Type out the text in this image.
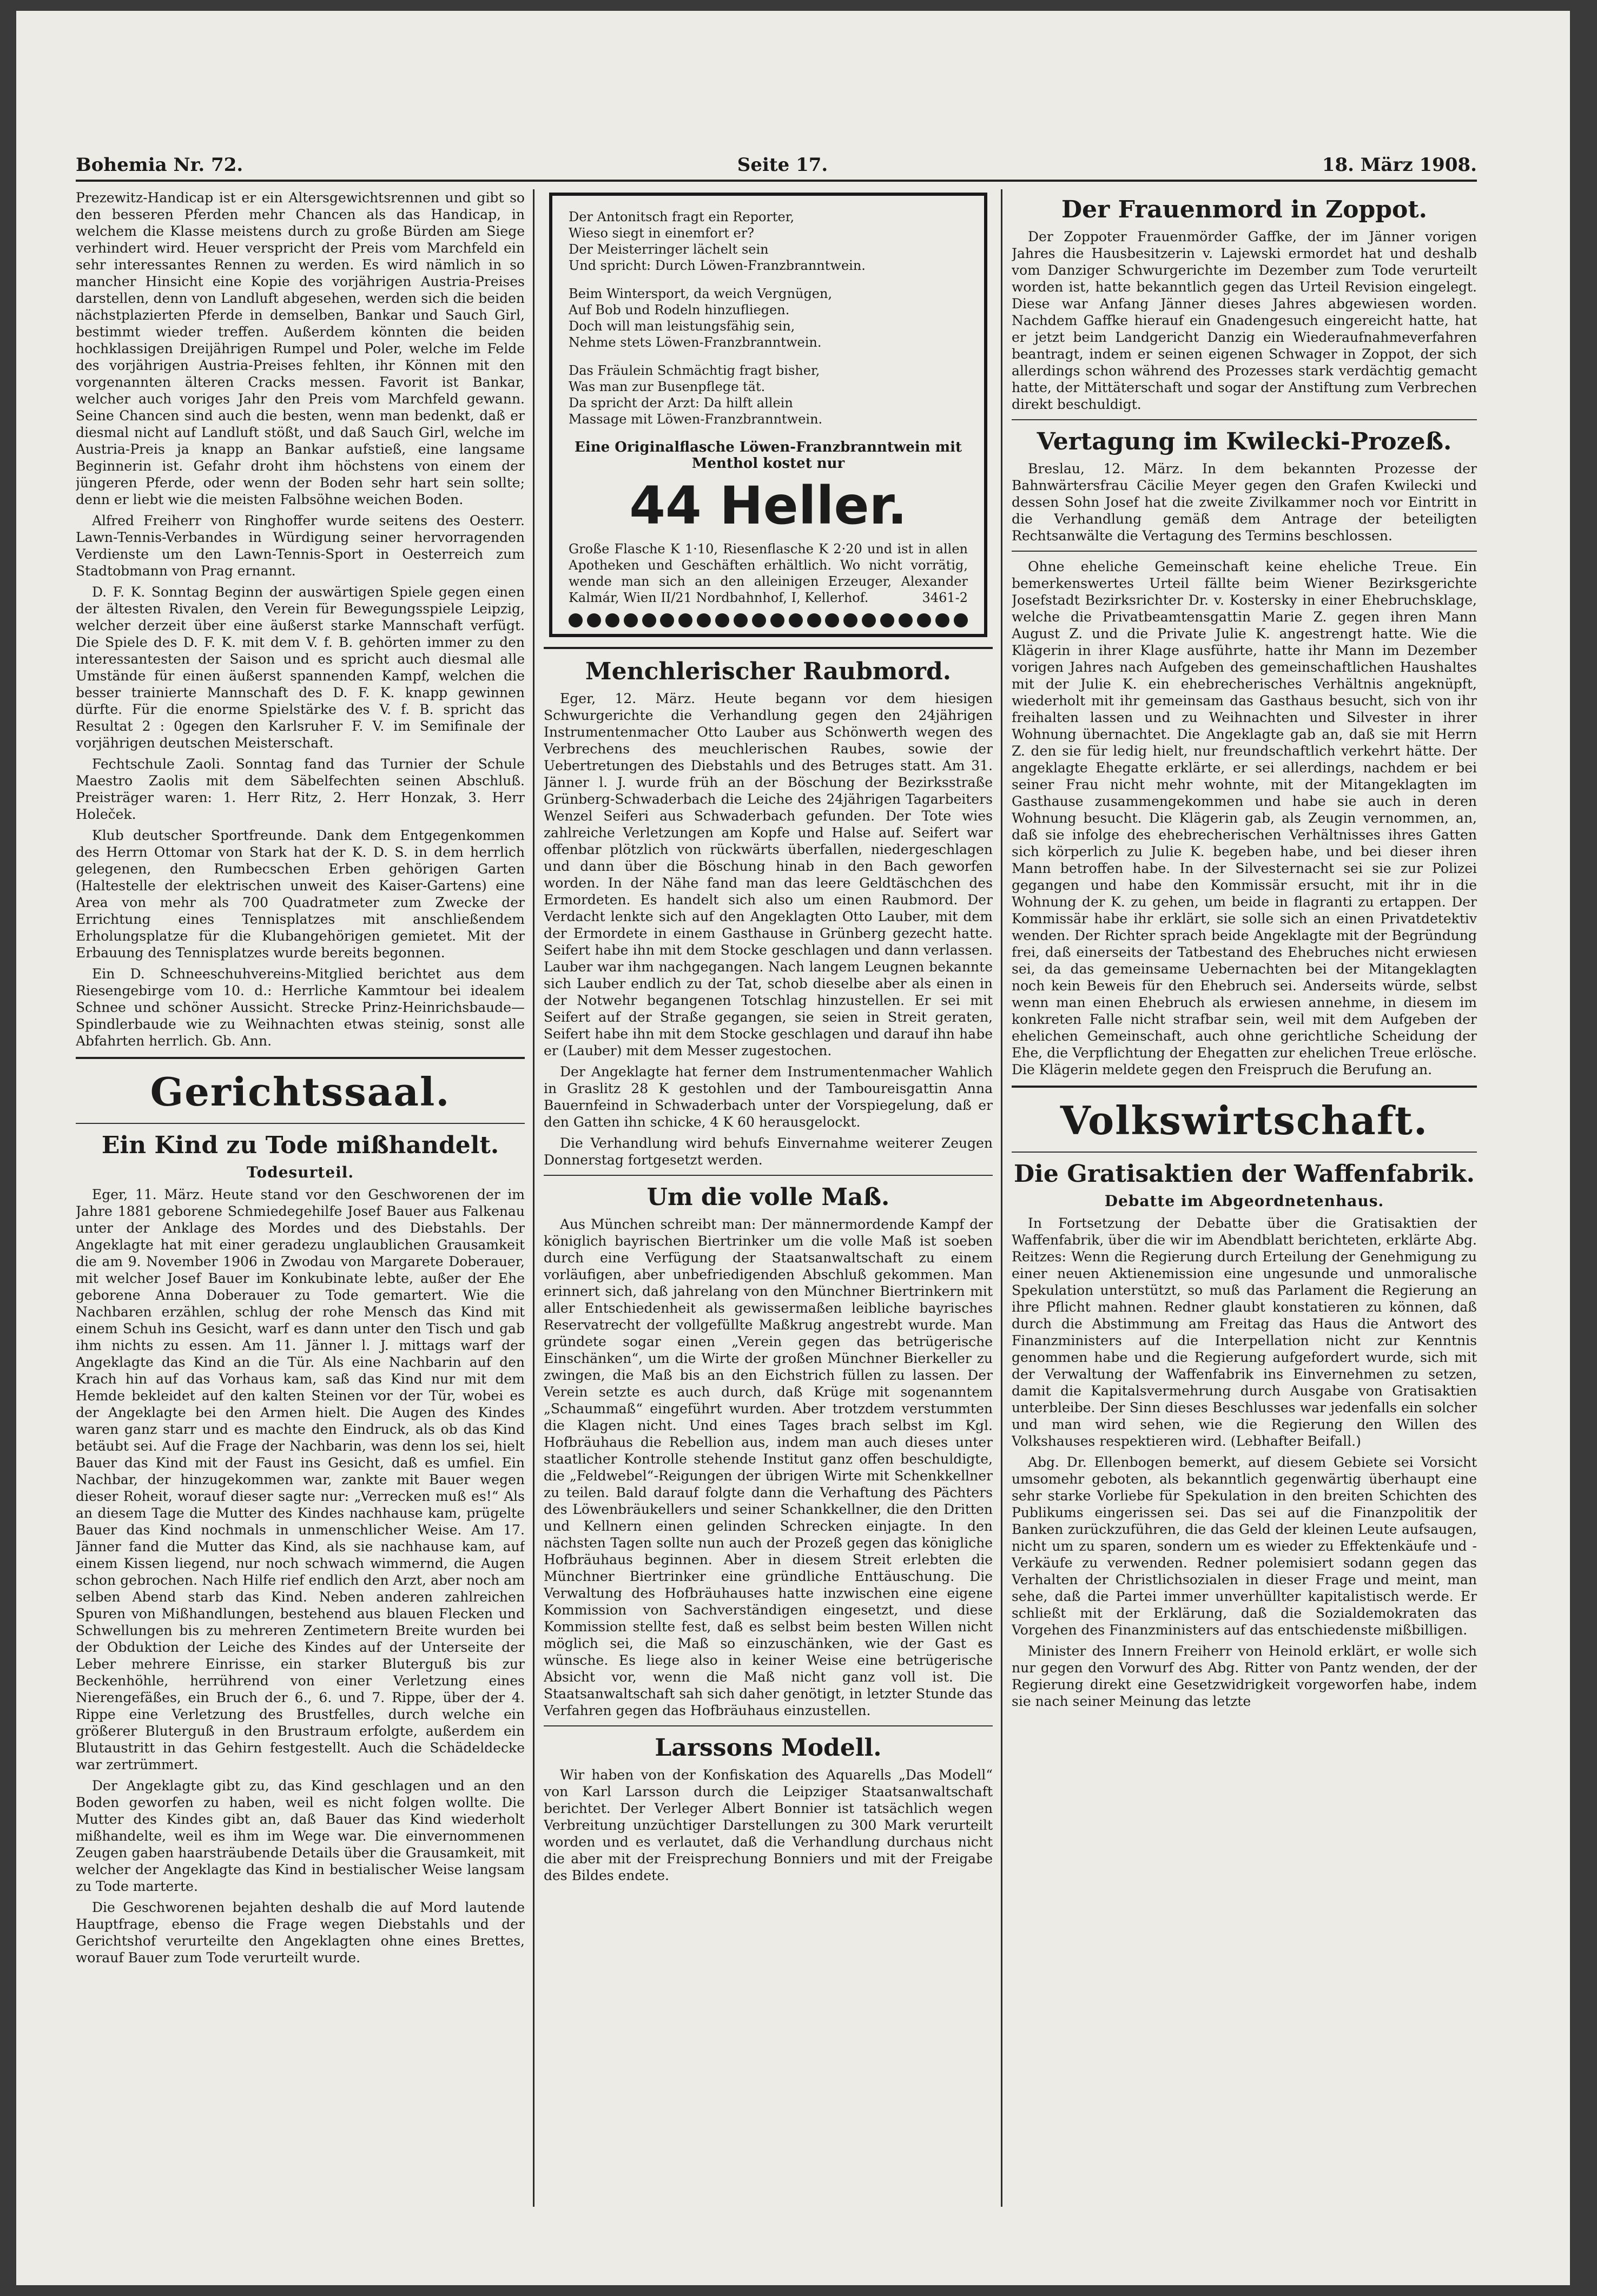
Bohemia Nr. 72.	Seite 17.	18. März 1908.

Prezewitz-Handicap ist er ein Altersgewichtsrennen und gibt so den besseren Pferden mehr Chancen als das Handicap, in welchem die Klasse meistens durch zu große Bürden am Siege verhindert wird. Heuer verspricht der Preis vom Marchfeld ein sehr interessantes Rennen zu werden. Es wird nämlich in so mancher Hinsicht eine Kopie des vorjährigen Austria-Preises darstellen, denn von Landluft abgesehen, werden sich die beiden nächstplazierten Pferde in demselben, Bankar und Sauch Girl, bestimmt wieder treffen. Außerdem könnten die beiden hochklassigen Dreijährigen Rumpel und Poler, welche im Felde des vorjährigen Austria-Preises fehlten, ihr Können mit den vorgenannten älteren Cracks messen. Favorit ist Bankar, welcher auch voriges Jahr den Preis vom Marchfeld gewann. Seine Chancen sind auch die besten, wenn man bedenkt, daß er diesmal nicht auf Landluft stößt, und daß Sauch Girl, welche im Austria-Preis ja knapp an Bankar aufstieß, eine langsame Beginnerin ist. Gefahr droht ihm höchstens von einem der jüngeren Pferde, oder wenn der Boden sehr hart sein sollte; denn er liebt wie die meisten Falbsöhne weichen Boden.

Alfred Freiherr von Ringhoffer wurde seitens des Oesterr. Lawn-Tennis-Verbandes in Würdigung seiner hervorragenden Verdienste um den Lawn-Tennis-Sport in Oesterreich zum Stadtobmann von Prag ernannt.

D. F. K. Sonntag Beginn der auswärtigen Spiele gegen einen der ältesten Rivalen, den Verein für Bewegungsspiele Leipzig, welcher derzeit über eine äußerst starke Mannschaft verfügt. Die Spiele des D. F. K. mit dem V. f. B. gehörten immer zu den interessantesten der Saison und es spricht auch diesmal alle Umstände für einen äußerst spannenden Kampf, welchen die besser trainierte Mannschaft des D. F. K. knapp gewinnen dürfte. Für die enorme Spielstärke des V. f. B. spricht das Resultat 2 : 0gegen den Karlsruher F. V. im Semifinale der vorjährigen deutschen Meisterschaft.

Fechtschule Zaoli. Sonntag fand das Turnier der Schule Maestro Zaolis mit dem Säbelfechten seinen Abschluß. Preisträger waren: 1. Herr Ritz, 2. Herr Honzak, 3. Herr Holeček.

Klub deutscher Sportfreunde. Dank dem Entgegenkommen des Herrn Ottomar von Stark hat der K. D. S. in dem herrlich gelegenen, den Rumbecschen Erben gehörigen Garten (Haltestelle der elektrischen unweit des Kaiser-Gartens) eine Area von mehr als 700 Quadratmeter zum Zwecke der Errichtung eines Tennisplatzes mit anschließendem Erholungsplatze für die Klubangehörigen gemietet. Mit der Erbauung des Tennisplatzes wurde bereits begonnen.

Ein D. Schneeschuhvereins-Mitglied berichtet aus dem Riesengebirge vom 10. d.: Herrliche Kammtour bei idealem Schnee und schöner Aussicht. Strecke Prinz-Heinrichsbaude—Spindlerbaude wie zu Weihnachten etwas steinig, sonst alle Abfahrten herrlich. Gb. Ann.

Gerichtssaal.
Ein Kind zu Tode mißhandelt.
Todesurteil.

Eger, 11. März. Heute stand vor den Geschworenen der im Jahre 1881 geborene Schmiedegehilfe Josef Bauer aus Falkenau unter der Anklage des Mordes und des Diebstahls. Der Angeklagte hat mit einer geradezu unglaublichen Grausamkeit die am 9. November 1906 in Zwodau von Margarete Doberauer, mit welcher Josef Bauer im Konkubinate lebte, außer der Ehe geborene Anna Doberauer zu Tode gemartert. Wie die Nachbaren erzählen, schlug der rohe Mensch das Kind mit einem Schuh ins Gesicht, warf es dann unter den Tisch und gab ihm nichts zu essen. Am 11. Jänner l. J. mittags warf der Angeklagte das Kind an die Tür. Als eine Nachbarin auf den Krach hin auf das Vorhaus kam, saß das Kind nur mit dem Hemde bekleidet auf den kalten Steinen vor der Tür, wobei es der Angeklagte bei den Armen hielt. Die Augen des Kindes waren ganz starr und es machte den Eindruck, als ob das Kind betäubt sei. Auf die Frage der Nachbarin, was denn los sei, hielt Bauer das Kind mit der Faust ins Gesicht, daß es umfiel. Ein Nachbar, der hinzugekommen war, zankte mit Bauer wegen dieser Roheit, worauf dieser sagte nur: „Verrecken muß es!“ Als an diesem Tage die Mutter des Kindes nachhause kam, prügelte Bauer das Kind nochmals in unmenschlicher Weise. Am 17. Jänner fand die Mutter das Kind, als sie nachhause kam, auf einem Kissen liegend, nur noch schwach wimmernd, die Augen schon gebrochen. Nach Hilfe rief endlich den Arzt, aber noch am selben Abend starb das Kind. Neben anderen zahlreichen Spuren von Mißhandlungen, bestehend aus blauen Flecken und Schwellungen bis zu mehreren Zentimetern Breite wurden bei der Obduktion der Leiche des Kindes auf der Unterseite der Leber mehrere Einrisse, ein starker Bluterguß bis zur Beckenhöhle, herrührend von einer Verletzung eines Nierengefäßes, ein Bruch der 6., 6. und 7. Rippe, über der 4. Rippe eine Verletzung des Brustfelles, durch welche ein größerer Bluterguß in den Brustraum erfolgte, außerdem ein Blutaustritt in das Gehirn festgestellt. Auch die Schädeldecke war zertrümmert.

Der Angeklagte gibt zu, das Kind geschlagen und an den Boden geworfen zu haben, weil es nicht folgen wollte. Die Mutter des Kindes gibt an, daß Bauer das Kind wiederholt mißhandelte, weil es ihm im Wege war. Die einvernommenen Zeugen gaben haarsträubende Details über die Grausamkeit, mit welcher der Angeklagte das Kind in bestialischer Weise langsam zu Tode marterte.

Die Geschworenen bejahten deshalb die auf Mord lautende Hauptfrage, ebenso die Frage wegen Diebstahls und der Gerichtshof verurteilte den Angeklagten ohne eines Brettes, worauf Bauer zum Tode verurteilt wurde.

Der Antonitsch fragt ein Reporter,
Wieso siegt in einemfort er?
Der Meisterringer lächelt sein
Und spricht: Durch Löwen-Franzbranntwein.
Beim Wintersport, da weich Vergnügen,
Auf Bob und Rodeln hinzufliegen.
Doch will man leistungsfähig sein,
Nehme stets Löwen-Franzbranntwein.
Das Fräulein Schmächtig fragt bisher,
Was man zur Busenpflege tät.
Da spricht der Arzt: Da hilft allein
Massage mit Löwen-Franzbranntwein.
Eine Originalflasche Löwen-Franzbranntwein mit Menthol kostet nur
44 Heller.
Große Flasche K 1·10, Riesenflasche K 2·20 und ist in allen Apotheken und Geschäften erhältlich. Wo nicht vorrätig, wende man sich an den alleinigen Erzeuger, Alexander Kalmár, Wien II/21 Nordbahnhof, I, Kellerhof.	3461-2
Menchlerischer Raubmord.

Eger, 12. März. Heute begann vor dem hiesigen Schwurgerichte die Verhandlung gegen den 24jährigen Instrumentenmacher Otto Lauber aus Schönwerth wegen des Verbrechens des meuchlerischen Raubes, sowie der Uebertretungen des Diebstahls und des Betruges statt. Am 31. Jänner l. J. wurde früh an der Böschung der Bezirksstraße Grünberg-Schwaderbach die Leiche des 24jährigen Tagarbeiters Wenzel Seiferi aus Schwaderbach gefunden. Der Tote wies zahlreiche Verletzungen am Kopfe und Halse auf. Seifert war offenbar plötzlich von rückwärts überfallen, niedergeschlagen und dann über die Böschung hinab in den Bach geworfen worden. In der Nähe fand man das leere Geldtäschchen des Ermordeten. Es handelt sich also um einen Raubmord. Der Verdacht lenkte sich auf den Angeklagten Otto Lauber, mit dem der Ermordete in einem Gasthause in Grünberg gezecht hatte. Seifert habe ihn mit dem Stocke geschlagen und dann verlassen. Lauber war ihm nachgegangen. Nach langem Leugnen bekannte sich Lauber endlich zu der Tat, schob dieselbe aber als einen in der Notwehr begangenen Totschlag hinzustellen. Er sei mit Seifert auf der Straße gegangen, sie seien in Streit geraten, Seifert habe ihn mit dem Stocke geschlagen und darauf ihn habe er (Lauber) mit dem Messer zugestochen.

Der Angeklagte hat ferner dem Instrumentenmacher Wahlich in Graslitz 28 K gestohlen und der Tamboureisgattin Anna Bauernfeind in Schwaderbach unter der Vorspiegelung, daß er den Gatten ihn schicke, 4 K 60 herausgelockt.

Die Verhandlung wird behufs Einvernahme weiterer Zeugen Donnerstag fortgesetzt werden.

Um die volle Maß.

Aus München schreibt man: Der männermordende Kampf der königlich bayrischen Biertrinker um die volle Maß ist soeben durch eine Verfügung der Staatsanwaltschaft zu einem vorläufigen, aber unbefriedigenden Abschluß gekommen. Man erinnert sich, daß jahrelang von den Münchner Biertrinkern mit aller Entschiedenheit als gewissermaßen leibliche bayrisches Reservatrecht der vollgefüllte Maßkrug angestrebt wurde. Man gründete sogar einen „Verein gegen das betrügerische Einschänken“, um die Wirte der großen Münchner Bierkeller zu zwingen, die Maß bis an den Eichstrich füllen zu lassen. Der Verein setzte es auch durch, daß Krüge mit sogenanntem „Schaummaß“ eingeführt wurden. Aber trotzdem verstummten die Klagen nicht. Und eines Tages brach selbst im Kgl. Hofbräuhaus die Rebellion aus, indem man auch dieses unter staatlicher Kontrolle stehende Institut ganz offen beschuldigte, die „Feldwebel“-Reigungen der übrigen Wirte mit Schenkkellner zu teilen. Bald darauf folgte dann die Verhaftung des Pächters des Löwenbräukellers und seiner Schankkellner, die den Dritten und Kellnern einen gelinden Schrecken einjagte. In den nächsten Tagen sollte nun auch der Prozeß gegen das königliche Hofbräuhaus beginnen. Aber in diesem Streit erlebten die Münchner Biertrinker eine gründliche Enttäuschung. Die Verwaltung des Hofbräuhauses hatte inzwischen eine eigene Kommission von Sachverständigen eingesetzt, und diese Kommission stellte fest, daß es selbst beim besten Willen nicht möglich sei, die Maß so einzuschänken, wie der Gast es wünsche. Es liege also in keiner Weise eine betrügerische Absicht vor, wenn die Maß nicht ganz voll ist. Die Staatsanwaltschaft sah sich daher genötigt, in letzter Stunde das Verfahren gegen das Hofbräuhaus einzustellen.

Larssons Modell.

Wir haben von der Konfiskation des Aquarells „Das Modell“ von Karl Larsson durch die Leipziger Staatsanwaltschaft berichtet. Der Verleger Albert Bonnier ist tatsächlich wegen Verbreitung unzüchtiger Darstellungen zu 300 Mark verurteilt worden und es verlautet, daß die Verhandlung durchaus nicht die aber mit der Freisprechung Bonniers und mit der Freigabe des Bildes endete.

Der Frauenmord in Zoppot.

Der Zoppoter Frauenmörder Gaffke, der im Jänner vorigen Jahres die Hausbesitzerin v. Lajewski ermordet hat und deshalb vom Danziger Schwurgerichte im Dezember zum Tode verurteilt worden ist, hatte bekanntlich gegen das Urteil Revision eingelegt. Diese war Anfang Jänner dieses Jahres abgewiesen worden. Nachdem Gaffke hierauf ein Gnadengesuch eingereicht hatte, hat er jetzt beim Landgericht Danzig ein Wiederaufnahmeverfahren beantragt, indem er seinen eigenen Schwager in Zoppot, der sich allerdings schon während des Prozesses stark verdächtig gemacht hatte, der Mittäterschaft und sogar der Anstiftung zum Verbrechen direkt beschuldigt.

Vertagung im Kwilecki-Prozeß.

Breslau, 12. März. In dem bekannten Prozesse der Bahnwärtersfrau Cäcilie Meyer gegen den Grafen Kwilecki und dessen Sohn Josef hat die zweite Zivilkammer noch vor Eintritt in die Verhandlung gemäß dem Antrage der beteiligten Rechtsanwälte die Vertagung des Termins beschlossen.

Ohne eheliche Gemeinschaft keine eheliche Treue. Ein bemerkenswertes Urteil fällte beim Wiener Bezirksgerichte Josefstadt Bezirksrichter Dr. v. Kostersky in einer Ehebruchsklage, welche die Privatbeamtensgattin Marie Z. gegen ihren Mann August Z. und die Private Julie K. angestrengt hatte. Wie die Klägerin in ihrer Klage ausführte, hatte ihr Mann im Dezember vorigen Jahres nach Aufgeben des gemeinschaftlichen Haushaltes mit der Julie K. ein ehebrecherisches Verhältnis angeknüpft, wiederholt mit ihr gemeinsam das Gasthaus besucht, sich von ihr freihalten lassen und zu Weihnachten und Silvester in ihrer Wohnung übernachtet. Die Angeklagte gab an, daß sie mit Herrn Z. den sie für ledig hielt, nur freundschaftlich verkehrt hätte. Der angeklagte Ehegatte erklärte, er sei allerdings, nachdem er bei seiner Frau nicht mehr wohnte, mit der Mitangeklagten im Gasthause zusammengekommen und habe sie auch in deren Wohnung besucht. Die Klägerin gab, als Zeugin vernommen, an, daß sie infolge des ehebrecherischen Verhältnisses ihres Gatten sich körperlich zu Julie K. begeben habe, und bei dieser ihren Mann betroffen habe. In der Silvesternacht sei sie zur Polizei gegangen und habe den Kommissär ersucht, mit ihr in die Wohnung der K. zu gehen, um beide in flagranti zu ertappen. Der Kommissär habe ihr erklärt, sie solle sich an einen Privatdetektiv wenden. Der Richter sprach beide Angeklagte mit der Begründung frei, daß einerseits der Tatbestand des Ehebruches nicht erwiesen sei, da das gemeinsame Uebernachten bei der Mitangeklagten noch kein Beweis für den Ehebruch sei. Anderseits würde, selbst wenn man einen Ehebruch als erwiesen annehme, in diesem im konkreten Falle nicht strafbar sein, weil mit dem Aufgeben der ehelichen Gemeinschaft, auch ohne gerichtliche Scheidung der Ehe, die Verpflichtung der Ehegatten zur ehelichen Treue erlösche. Die Klägerin meldete gegen den Freispruch die Berufung an.

Volkswirtschaft.
Die Gratisaktien der Waffenfabrik.
Debatte im Abgeordnetenhaus.

In Fortsetzung der Debatte über die Gratisaktien der Waffenfabrik, über die wir im Abendblatt berichteten, erklärte Abg. Reitzes: Wenn die Regierung durch Erteilung der Genehmigung zu einer neuen Aktienemission eine ungesunde und unmoralische Spekulation unterstützt, so muß das Parlament die Regierung an ihre Pflicht mahnen. Redner glaubt konstatieren zu können, daß durch die Abstimmung am Freitag das Haus die Antwort des Finanzministers auf die Interpellation nicht zur Kenntnis genommen habe und die Regierung aufgefordert wurde, sich mit der Verwaltung der Waffenfabrik ins Einvernehmen zu setzen, damit die Kapitalsvermehrung durch Ausgabe von Gratisaktien unterbleibe. Der Sinn dieses Beschlusses war jedenfalls ein solcher und man wird sehen, wie die Regierung den Willen des Volkshauses respektieren wird. (Lebhafter Beifall.)

Abg. Dr. Ellenbogen bemerkt, auf diesem Gebiete sei Vorsicht umsomehr geboten, als bekanntlich gegenwärtig überhaupt eine sehr starke Vorliebe für Spekulation in den breiten Schichten des Publikums eingerissen sei. Das sei auf die Finanzpolitik der Banken zurückzuführen, die das Geld der kleinen Leute aufsaugen, nicht um zu sparen, sondern um es wieder zu Effektenkäufe und -Verkäufe zu verwenden. Redner polemisiert sodann gegen das Verhalten der Christlichsozialen in dieser Frage und meint, man sehe, daß die Partei immer unverhüllter kapitalistisch werde. Er schließt mit der Erklärung, daß die Sozialdemokraten das Vorgehen des Finanzministers auf das entschiedenste mißbilligen.

Minister des Innern Freiherr von Heinold erklärt, er wolle sich nur gegen den Vorwurf des Abg. Ritter von Pantz wenden, der der Regierung direkt eine Gesetzwidrigkeit vorgeworfen habe, indem sie nach seiner Meinung das letzte
